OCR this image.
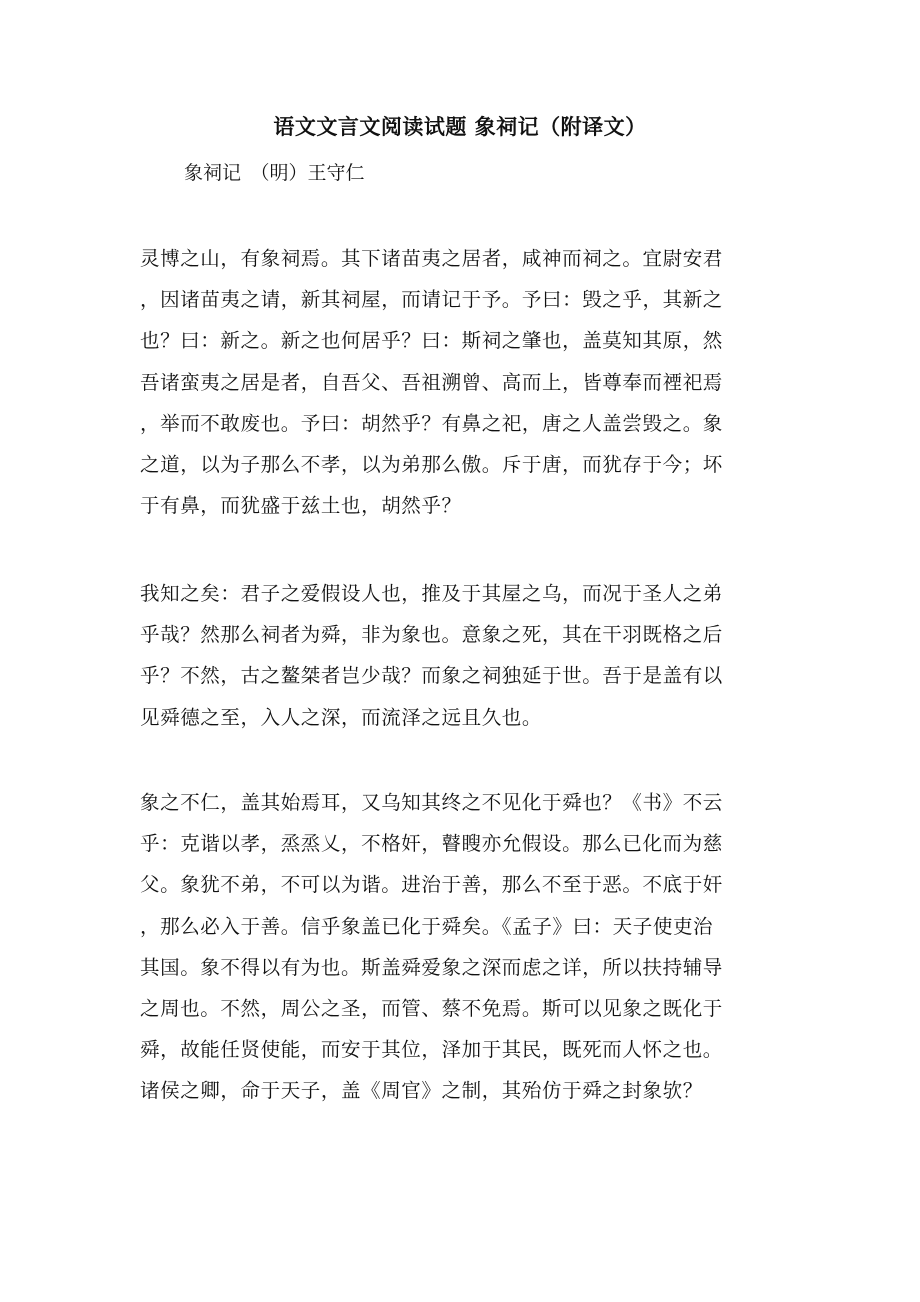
语文文言文阅读试题 象祠记（附译文）
象祠记　（明）王守仁
灵博之山，有象祠焉。其下诸苗夷之居者，咸神而祠之。宜尉安君
，因诸苗夷之请，新其祠屋，而请记于予。予曰：毁之乎，其新之
也？曰：新之。新之也何居乎？曰：斯祠之肇也，盖莫知其原，然
吾诸蛮夷之居是者，自吾父、吾祖溯曾、高而上，皆尊奉而禋祀焉
，举而不敢废也。予曰：胡然乎？有鼻之祀，唐之人盖尝毁之。象
之道，以为子那么不孝，以为弟那么傲。斥于唐，而犹存于今；坏
于有鼻，而犹盛于兹土也，胡然乎？
我知之矣：君子之爱假设人也，推及于其屋之乌，而况于圣人之弟
乎哉？然那么祠者为舜，非为象也。意象之死，其在干羽既格之后
乎？不然，古之鳌桀者岂少哉？而象之祠独延于世。吾于是盖有以
见舜德之至，入人之深，而流泽之远且久也。
象之不仁，盖其始焉耳，又乌知其终之不见化于舜也？《书》不云
乎：克谐以孝，烝烝乂，不格奸，瞽瞍亦允假设。那么已化而为慈
父。象犹不弟，不可以为谐。进治于善，那么不至于恶。不底于奸
，那么必入于善。信乎象盖已化于舜矣。《孟子》曰：天子使吏治
其国。象不得以有为也。斯盖舜爱象之深而虑之详，所以扶持辅导
之周也。不然，周公之圣，而管、蔡不免焉。斯可以见象之既化于
舜，故能任贤使能，而安于其位，泽加于其民，既死而人怀之也。
诸侯之卿，命于天子，盖《周官》之制，其殆仿于舜之封象欤？
